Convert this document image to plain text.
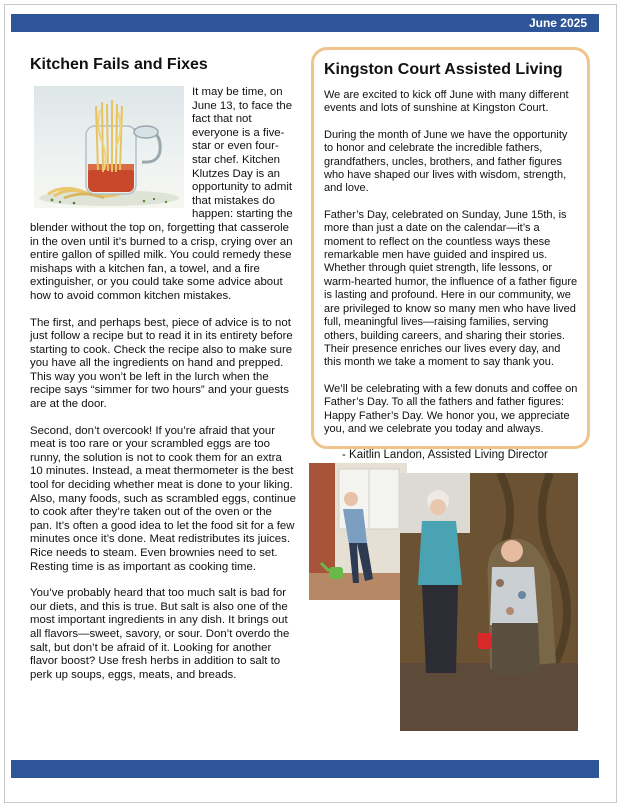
June 2025
Kitchen Fails and Fixes

It may be time, on June 13, to face the fact that not everyone is a five-star or even four-star chef. Kitchen Klutzes Day is an opportunity to admit that mistakes do happen: starting the blender without the top on, forgetting that casserole in the oven until it’s burned to a crisp, crying over an entire gallon of spilled milk. You could remedy these mishaps with a kitchen fan, a towel, and a fire extinguisher, or you could take some advice about how to avoid common kitchen mistakes.

The first, and perhaps best, piece of advice is to not just follow a recipe but to read it in its entirety before starting to cook. Check the recipe also to make sure you have all the ingredients on hand and prepped. This way you won’t be left in the lurch when the recipe says “simmer for two hours” and your guests are at the door.

Second, don’t overcook! If you’re afraid that your meat is too rare or your scrambled eggs are too runny, the solution is not to cook them for an extra 10 minutes. Instead, a meat thermometer is the best tool for deciding whether meat is done to your liking. Also, many foods, such as scrambled eggs, continue to cook after they’re taken out of the oven or the pan. It’s often a good idea to let the food sit for a few minutes once it’s done. Meat redistributes its juices. Rice needs to steam. Even brownies need to set. Resting time is as important as cooking time.

You’ve probably heard that too much salt is bad for our diets, and this is true. But salt is also one of the most important ingredients in any dish. It brings out all flavors—sweet, savory, or sour. Don’t overdo the salt, but don’t be afraid of it. Looking for another flavor boost? Use fresh herbs in addition to salt to perk up soups, eggs, meats, and breads.

Kingston Court Assisted Living

We are excited to kick off June with many different events and lots of sunshine at Kingston Court.

During the month of June we have the opportunity to honor and celebrate the incredible fathers, grandfathers, uncles, brothers, and father figures who have shaped our lives with wisdom, strength, and love.

Father’s Day, celebrated on Sunday, June 15th, is more than just a date on the calendar—it’s a moment to reflect on the countless ways these remarkable men have guided and inspired us. Whether through quiet strength, life lessons, or warm-hearted humor, the influence of a father figure is lasting and profound. Here in our community, we are privileged to know so many men who have lived full, meaningful lives—raising families, serving others, building careers, and sharing their stories. Their presence enriches our lives every day, and this month we take a moment to say thank you.

We’ll be celebrating with a few donuts and coffee on Father’s Day. To all the fathers and father figures: Happy Father’s Day. We honor you, we appreciate you, and we celebrate you today and always.

- Kaitlin Landon, Assisted Living Director
